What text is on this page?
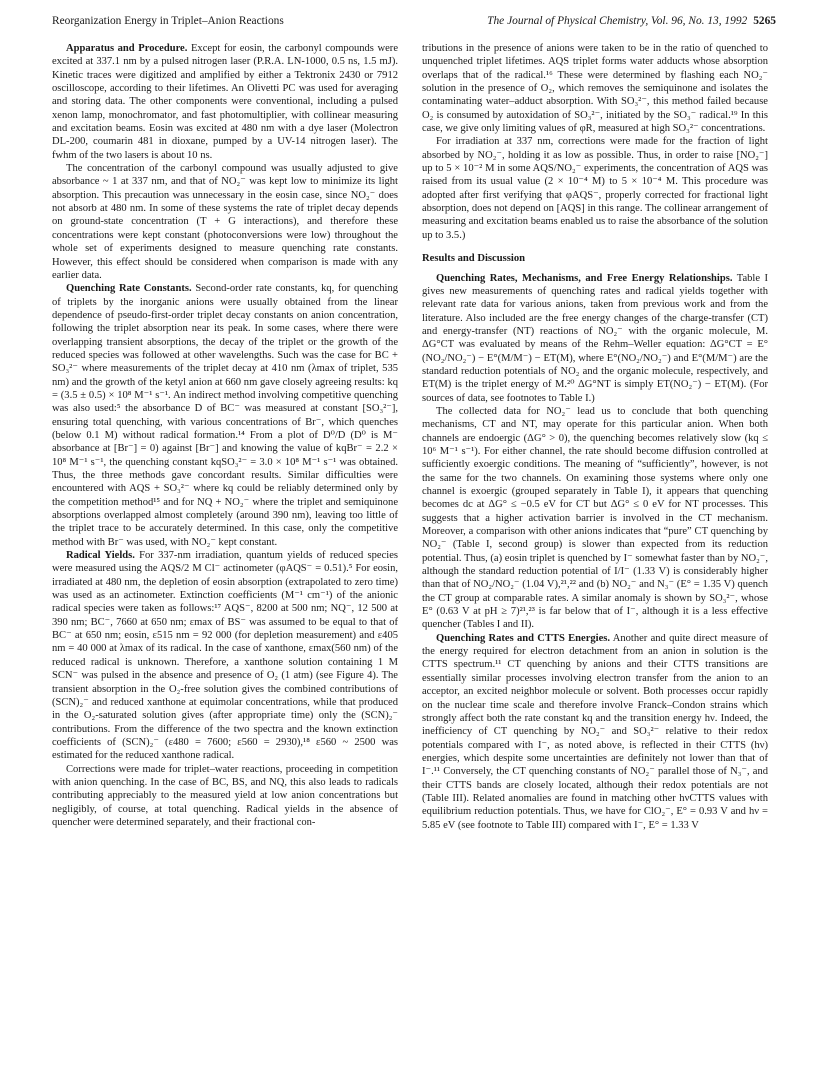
Reorganization Energy in Triplet–Anion Reactions	The Journal of Physical Chemistry, Vol. 96, No. 13, 1992 5265

Apparatus and Procedure. Except for eosin, the carbonyl compounds were excited at 337.1 nm by a pulsed nitrogen laser (P.R.A. LN-1000, 0.5 ns, 1.5 mJ). Kinetic traces were digitized and amplified by either a Tektronix 2430 or 7912 oscilloscope, according to their lifetimes. An Olivetti PC was used for averaging and storing data. The other components were conventional, including a pulsed xenon lamp, monochromator, and fast photomultiplier, with collinear measuring and excitation beams. Eosin was excited at 480 nm with a dye laser (Molectron DL-200, coumarin 481 in dioxane, pumped by a UV-14 nitrogen laser). The fwhm of the two lasers is about 10 ns.

The concentration of the carbonyl compound was usually adjusted to give absorbance ~ 1 at 337 nm, and that of NO₂⁻ was kept low to minimize its light absorption. This precaution was unnecessary in the eosin case, since NO₂⁻ does not absorb at 480 nm. In some of these systems the rate of triplet decay depends on ground-state concentration (T + G interactions), and therefore these concentrations were kept constant (photoconversions were low) throughout the whole set of experiments designed to measure quenching rate constants. However, this effect should be considered when comparison is made with any earlier data.

Quenching Rate Constants. Second-order rate constants, kq, for quenching of triplets by the inorganic anions were usually obtained from the linear dependence of pseudo-first-order triplet decay constants on anion concentration, following the triplet absorption near its peak. In some cases, where there were overlapping transient absorptions, the decay of the triplet or the growth of the reduced species was followed at other wavelengths. Such was the case for BC + SO₃²⁻ where measurements of the triplet decay at 410 nm (λmax of triplet, 535 nm) and the growth of the ketyl anion at 660 nm gave closely agreeing results: kq = (3.5 ± 0.5) × 10⁸ M⁻¹ s⁻¹. An indirect method involving competitive quenching was also used:⁵ the absorbance D of BC⁻ was measured at constant [SO₃²⁻], ensuring total quenching, with various concentrations of Br⁻, which quenches (below 0.1 M) without radical formation.¹⁴ From a plot of D⁰/D (D⁰ is M⁻ absorbance at [Br⁻] = 0) against [Br⁻] and knowing the value of kqBr⁻ = 2.2 × 10⁸ M⁻¹ s⁻¹, the quenching constant kqSO₃²⁻ = 3.0 × 10⁸ M⁻¹ s⁻¹ was obtained. Thus, the three methods gave concordant results. Similar difficulties were encountered with AQS + SO₃²⁻ where kq could be reliably determined only by the competition method¹⁵ and for NQ + NO₂⁻ where the triplet and semiquinone absorptions overlapped almost completely (around 390 nm), leaving too little of the triplet trace to be accurately determined. In this case, only the competitive method with Br⁻ was used, with NO₂⁻ kept constant.

Radical Yields. For 337-nm irradiation, quantum yields of reduced species were measured using the AQS/2 M Cl⁻ actinometer (φAQS⁻ = 0.51).⁵ For eosin, irradiated at 480 nm, the depletion of eosin absorption (extrapolated to zero time) was used as an actinometer. Extinction coefficients (M⁻¹ cm⁻¹) of the anionic radical species were taken as follows:¹⁷ AQS⁻, 8200 at 500 nm; NQ⁻, 12 500 at 390 nm; BC⁻, 7660 at 650 nm; εmax of BS⁻ was assumed to be equal to that of BC⁻ at 650 nm; eosin, ε515 nm = 92 000 (for depletion measurement) and ε405 nm = 40 000 at λmax of its radical. In the case of xanthone, εmax(560 nm) of the reduced radical is unknown. Therefore, a xanthone solution containing 1 M SCN⁻ was pulsed in the absence and presence of O₂ (1 atm) (see Figure 4). The transient absorption in the O₂-free solution gives the combined contributions of (SCN)₂⁻ and reduced xanthone at equimolar concentrations, while that produced in the O₂-saturated solution gives (after appropriate time) only the (SCN)₂⁻ contributions. From the difference of the two spectra and the known extinction coefficients of (SCN)₂⁻ (ε480 = 7600; ε560 = 2930),¹⁸ ε560 ~ 2500 was estimated for the reduced xanthone radical.

Corrections were made for triplet–water reactions, proceeding in competition with anion quenching. In the case of BC, BS, and NQ, this also leads to radicals contributing appreciably to the measured yield at low anion concentrations but negligibly, of course, at total quenching. Radical yields in the absence of quencher were determined separately, and their fractional con-

tributions in the presence of anions were taken to be in the ratio of quenched to unquenched triplet lifetimes. AQS triplet forms water adducts whose absorption overlaps that of the radical.¹⁶ These were determined by flashing each NO₂⁻ solution in the presence of O₂, which removes the semiquinone and isolates the contaminating water–adduct absorption. With SO₃²⁻, this method failed because O₂ is consumed by autoxidation of SO₃²⁻, initiated by the SO₃⁻ radical.¹⁹ In this case, we give only limiting values of φR, measured at high SO₃²⁻ concentrations.

For irradiation at 337 nm, corrections were made for the fraction of light absorbed by NO₂⁻, holding it as low as possible. Thus, in order to raise [NO₂⁻] up to 5 × 10⁻² M in some AQS/NO₂⁻ experiments, the concentration of AQS was raised from its usual value (2 × 10⁻⁴ M) to 5 × 10⁻⁴ M. This procedure was adopted after first verifying that φAQS⁻, properly corrected for fractional light absorption, does not depend on [AQS] in this range. The collinear arrangement of measuring and excitation beams enabled us to raise the absorbance of the solution up to 3.5.)

Results and Discussion

Quenching Rates, Mechanisms, and Free Energy Relationships. Table I gives new measurements of quenching rates and radical yields together with relevant rate data for various anions, taken from previous work and from the literature. Also included are the free energy changes of the charge-transfer (CT) and energy-transfer (NT) reactions of NO₂⁻ with the organic molecule, M. ΔG°CT was evaluated by means of the Rehm–Weller equation: ΔG°CT = E°(NO₂/NO₂⁻) − E°(M/M⁻) − ET(M), where E°(NO₂/NO₂⁻) and E°(M/M⁻) are the standard reduction potentials of NO₂ and the organic molecule, respectively, and ET(M) is the triplet energy of M.²⁰ ΔG°NT is simply ET(NO₂⁻) − ET(M). (For sources of data, see footnotes to Table I.)

The collected data for NO₂⁻ lead us to conclude that both quenching mechanisms, CT and NT, may operate for this particular anion. When both channels are endoergic (ΔG° > 0), the quenching becomes relatively slow (kq ≤ 10⁶ M⁻¹ s⁻¹). For either channel, the rate should become diffusion controlled at sufficiently exoergic conditions. The meaning of “sufficiently”, however, is not the same for the two channels. On examining those systems where only one channel is exoergic (grouped separately in Table I), it appears that quenching becomes dc at ΔG° ≤ −0.5 eV for CT but ΔG° ≤ 0 eV for NT processes. This suggests that a higher activation barrier is involved in the CT mechanism. Moreover, a comparison with other anions indicates that “pure” CT quenching by NO₂⁻ (Table I, second group) is slower than expected from its reduction potential. Thus, (a) eosin triplet is quenched by I⁻ somewhat faster than by NO₂⁻, although the standard reduction potential of I/I⁻ (1.33 V) is considerably higher than that of NO₂/NO₂⁻ (1.04 V),²¹,²² and (b) NO₂⁻ and N₃⁻ (E° = 1.35 V) quench the CT group at comparable rates. A similar anomaly is shown by SO₃²⁻, whose E° (0.63 V at pH ≥ 7)²¹,²³ is far below that of I⁻, although it is a less effective quencher (Tables I and II).

Quenching Rates and CTTS Energies. Another and quite direct measure of the energy required for electron detachment from an anion in solution is the CTTS spectrum.¹¹ CT quenching by anions and their CTTS transitions are essentially similar processes involving electron transfer from the anion to an acceptor, an excited neighbor molecule or solvent. Both processes occur rapidly on the nuclear time scale and therefore involve Franck–Condon strains which strongly affect both the rate constant kq and the transition energy hν. Indeed, the inefficiency of CT quenching by NO₂⁻ and SO₃²⁻ relative to their redox potentials compared with I⁻, as noted above, is reflected in their CTTS (hν) energies, which despite some uncertainties are definitely not lower than that of I⁻.¹¹ Conversely, the CT quenching constants of NO₂⁻ parallel those of N₃⁻, and their CTTS bands are closely located, although their redox potentials are not (Table III). Related anomalies are found in matching other hνCTTS values with equilibrium reduction potentials. Thus, we have for ClO₂⁻, E° = 0.93 V and hν = 5.85 eV (see footnote to Table III) compared with I⁻, E° = 1.33 V
